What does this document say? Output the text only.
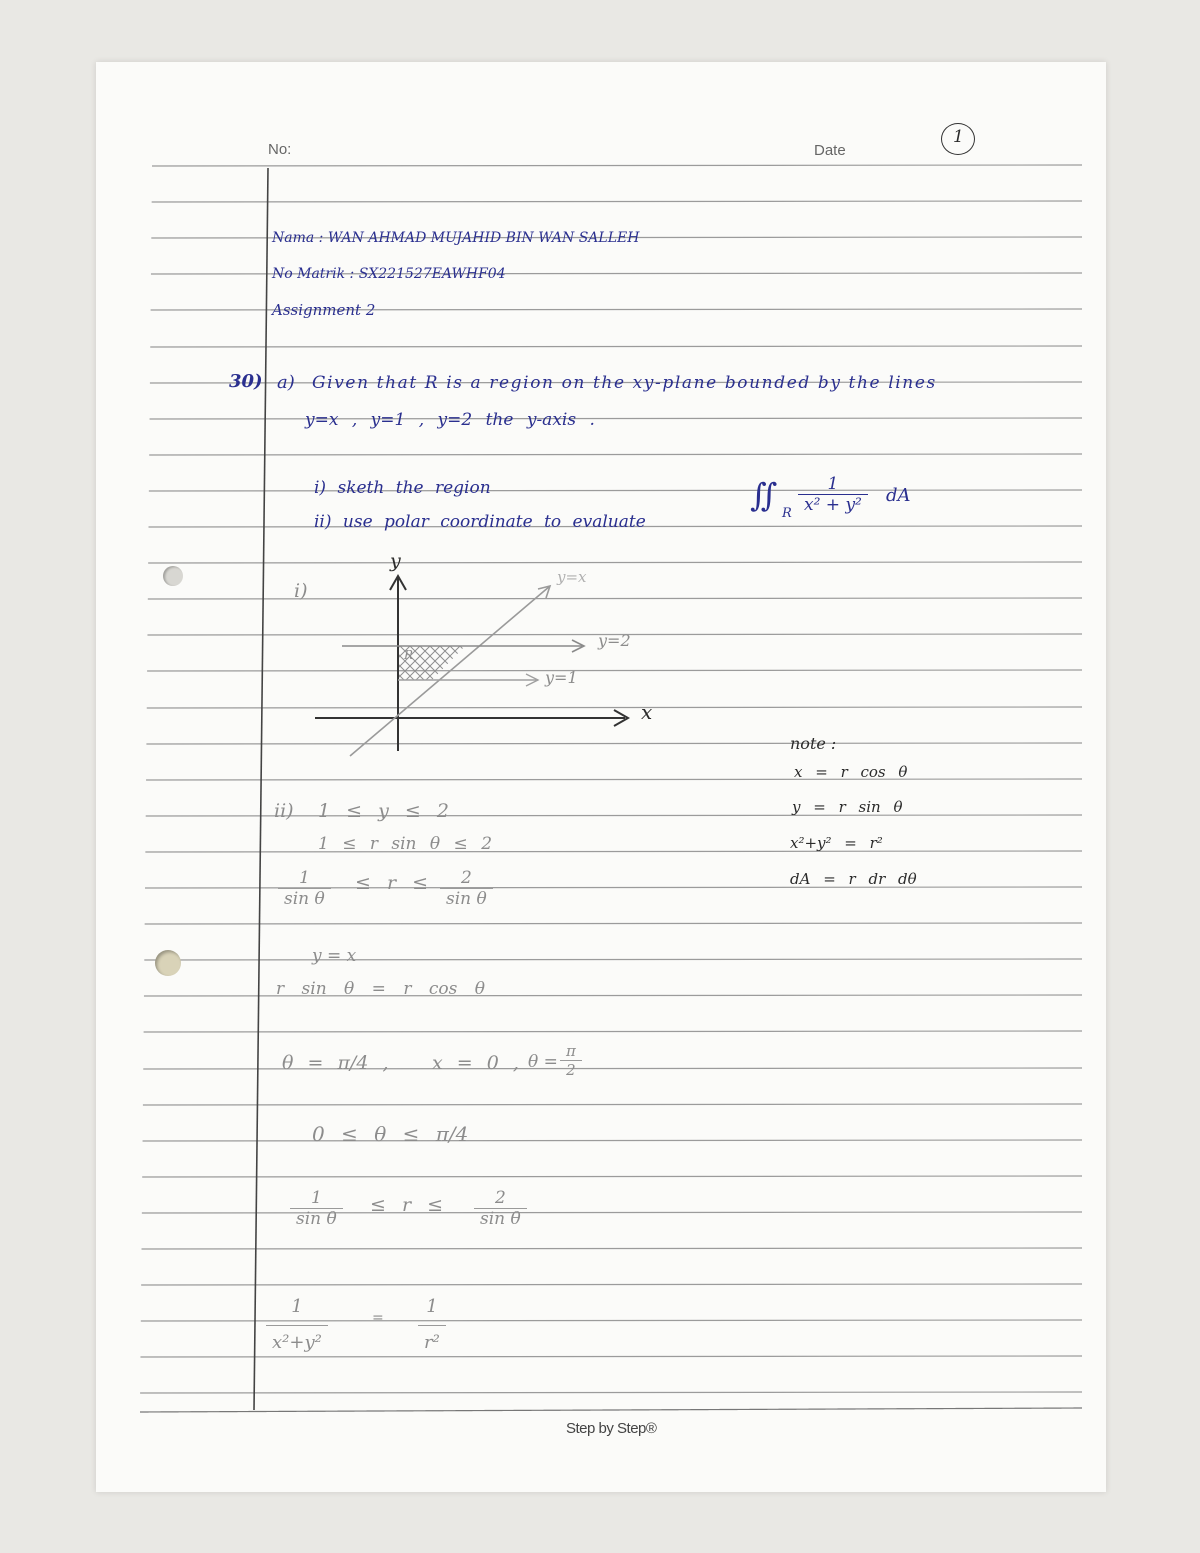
No:	Date
1
Nama : WAN AHMAD MUJAHID BIN WAN SALLEH
No Matrik : SX221527EAWHF04
Assignment 2
30) a) Given that R is a region on the xy-plane bounded by the lines
y=x , y=1 , y=2 the y-axis .
i) sketh the region
ii) use polar coordinate to evaluate
∬ R
1
x² + y²	dA
i)
y
x
y=x
y=2
y=1
R
note :
x = r cos θ
y = r sin θ
x²+y² = r²
dA = r dr dθ
ii) 1 ≤ y ≤ 2
1 ≤ r sin θ ≤ 2
1
sin θ
≤ r ≤	2
sin θ
y = x
r sin θ = r cos θ
θ = π/4 , x = 0 , θ =
π
2
0 ≤ θ ≤ π/4
1
sin θ
≤ r ≤	2
sin θ
1
x²+y²
=
1
r²
Step by Step®
